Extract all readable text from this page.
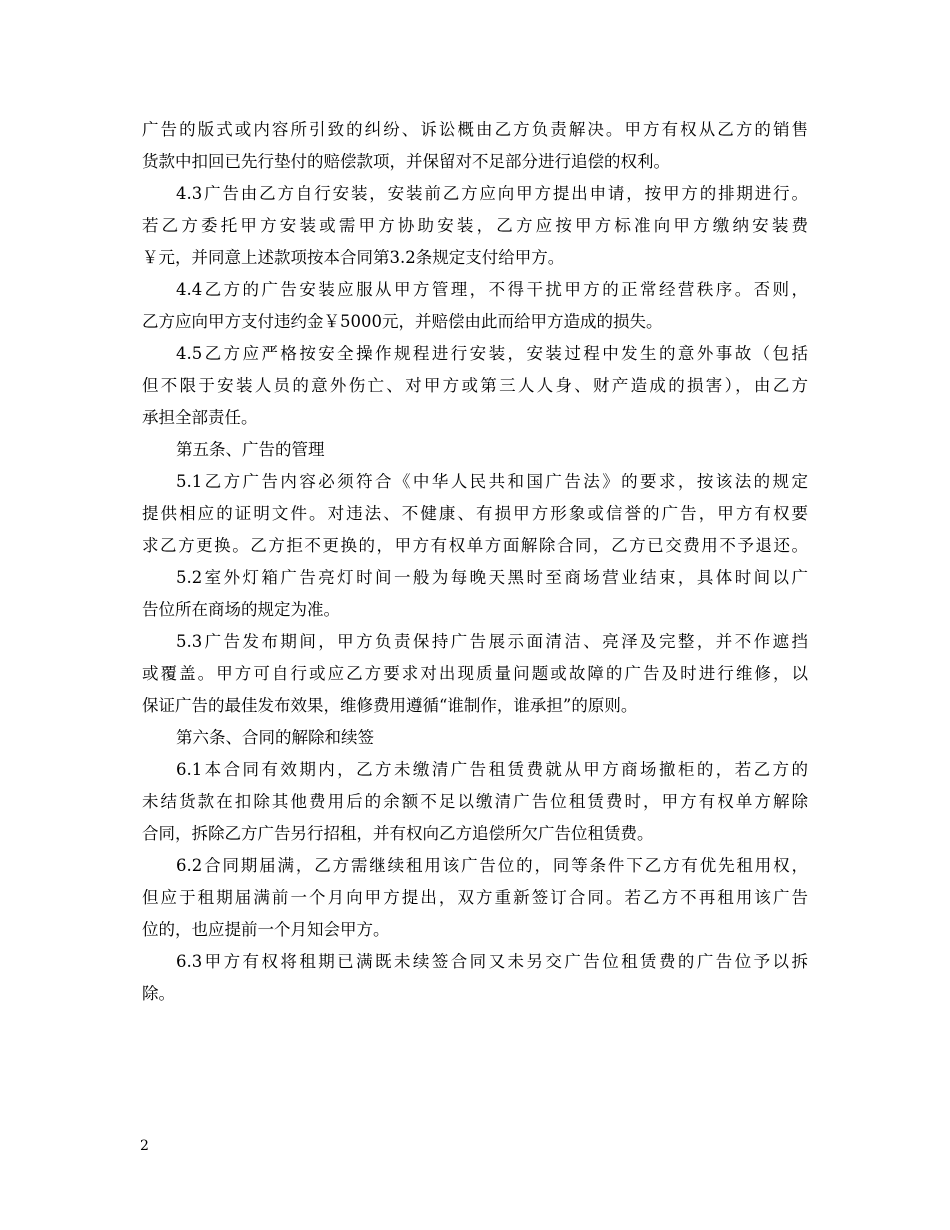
广告的版式或内容所引致的纠纷、诉讼概由乙方负责解决。甲方有权从乙方的销售
货款中扣回已先行垫付的赔偿款项，并保留对不足部分进行追偿的权利。
4.3广告由乙方自行安装，安装前乙方应向甲方提出申请，按甲方的排期进行。
若乙方委托甲方安装或需甲方协助安装，乙方应按甲方标准向甲方缴纳安装费
￥元，并同意上述款项按本合同第3.2条规定支付给甲方。
4.4乙方的广告安装应服从甲方管理，不得干扰甲方的正常经营秩序。否则，
乙方应向甲方支付违约金￥5000元，并赔偿由此而给甲方造成的损失。
4.5乙方应严格按安全操作规程进行安装，安装过程中发生的意外事故（包括
但不限于安装人员的意外伤亡、对甲方或第三人人身、财产造成的损害），由乙方
承担全部责任。
第五条、广告的管理
5.1乙方广告内容必须符合《中华人民共和国广告法》的要求，按该法的规定
提供相应的证明文件。对违法、不健康、有损甲方形象或信誉的广告，甲方有权要
求乙方更换。乙方拒不更换的，甲方有权单方面解除合同，乙方已交费用不予退还。
5.2室外灯箱广告亮灯时间一般为每晚天黑时至商场营业结束，具体时间以广
告位所在商场的规定为准。
5.3广告发布期间，甲方负责保持广告展示面清洁、亮泽及完整，并不作遮挡
或覆盖。甲方可自行或应乙方要求对出现质量问题或故障的广告及时进行维修，以
保证广告的最佳发布效果，维修费用遵循“谁制作，谁承担”的原则。
第六条、合同的解除和续签
6.1本合同有效期内，乙方未缴清广告租赁费就从甲方商场撤柜的，若乙方的
未结货款在扣除其他费用后的余额不足以缴清广告位租赁费时，甲方有权单方解除
合同，拆除乙方广告另行招租，并有权向乙方追偿所欠广告位租赁费。
6.2合同期届满，乙方需继续租用该广告位的，同等条件下乙方有优先租用权，
但应于租期届满前一个月向甲方提出，双方重新签订合同。若乙方不再租用该广告
位的，也应提前一个月知会甲方。
6.3甲方有权将租期已满既未续签合同又未另交广告位租赁费的广告位予以拆
除。
2
